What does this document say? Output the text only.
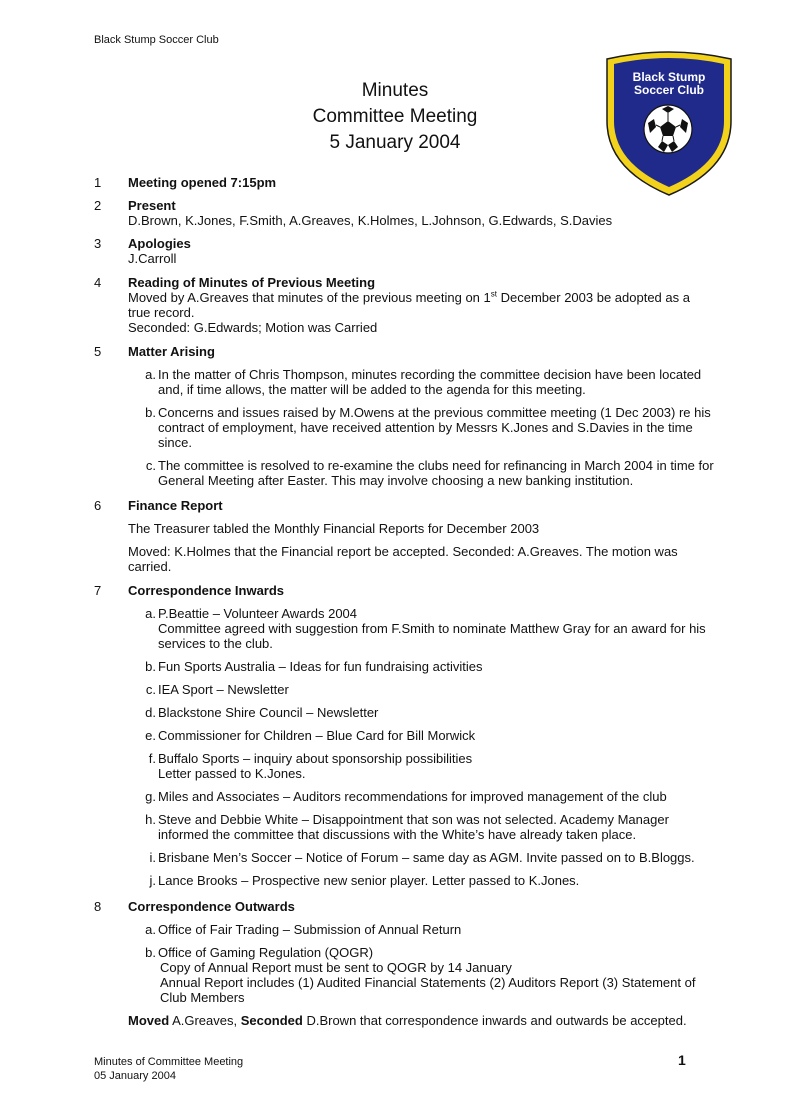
Black Stump Soccer Club
Minutes
Committee Meeting
5 January 2004
Black Stump
Soccer Club
1	Meeting opened 7:15pm

2	Present

D.Brown, K.Jones, F.Smith, A.Greaves, K.Holmes, L.Johnson, G.Edwards, S.Davies

3	Apologies

J.Carroll

4	Reading of Minutes of Previous Meeting

Moved by A.Greaves that minutes of the previous meeting on 1st December 2003 be adopted as a true record.

Seconded: G.Edwards; Motion was Carried

5	Matter Arising

a. In the matter of Chris Thompson, minutes recording the committee decision have been located and, if time allows, the matter will be added to the agenda for this meeting.

b. Concerns and issues raised by M.Owens at the previous committee meeting (1 Dec 2003) re his contract of employment, have received attention by Messrs K.Jones and S.Davies in the time since.

c. The committee is resolved to re-examine the clubs need for refinancing in March 2004 in time for General Meeting after Easter. This may involve choosing a new banking institution.

6	Finance Report

The Treasurer tabled the Monthly Financial Reports for December 2003

Moved: K.Holmes that the Financial report be accepted. Seconded: A.Greaves. The motion was carried.

7	Correspondence Inwards

a. P.Beattie – Volunteer Awards 2004

Committee agreed with suggestion from F.Smith to nominate Matthew Gray for an award for his services to the club.

b. Fun Sports Australia – Ideas for fun fundraising activities

c. IEA Sport – Newsletter

d. Blackstone Shire Council – Newsletter

e. Commissioner for Children – Blue Card for Bill Morwick

f. Buffalo Sports – inquiry about sponsorship possibilities

Letter passed to K.Jones.

g. Miles and Associates – Auditors recommendations for improved management of the club

h. Steve and Debbie White – Disappointment that son was not selected. Academy Manager informed the committee that discussions with the White’s have already taken place.

i. Brisbane Men’s Soccer – Notice of Forum – same day as AGM. Invite passed on to B.Bloggs.

j. Lance Brooks – Prospective new senior player. Letter passed to K.Jones.

8	Correspondence Outwards

a. Office of Fair Trading – Submission of Annual Return

b. Office of Gaming Regulation (QOGR)

Copy of Annual Report must be sent to QOGR by 14 January

Annual Report includes (1) Audited Financial Statements (2) Auditors Report (3) Statement of Club Members

Moved A.Greaves, Seconded D.Brown that correspondence inwards and outwards be accepted.

Minutes of Committee Meeting
05 January 2004
1
